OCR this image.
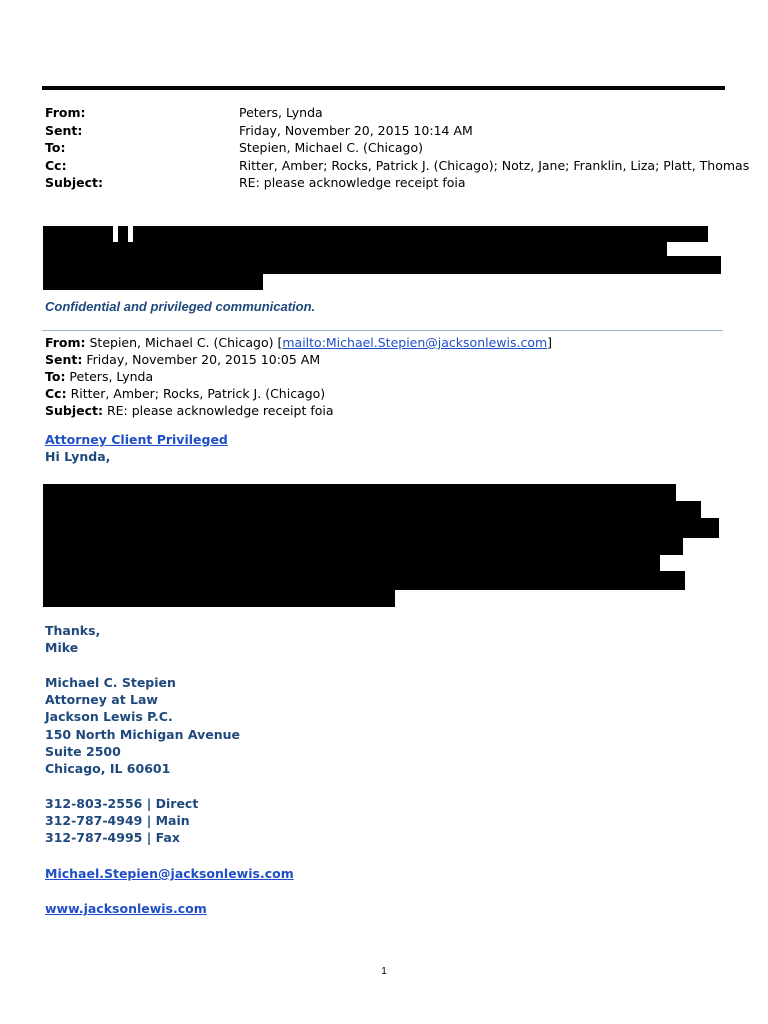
From:	Peters, Lynda
Sent:	Friday, November 20, 2015 10:14 AM
To:	Stepien, Michael C. (Chicago)
Cc:	Ritter, Amber; Rocks, Patrick J. (Chicago); Notz, Jane; Franklin, Liza; Platt, Thomas
Subject:	RE: please acknowledge receipt foia
Confidential and privileged communication.
From: Stepien, Michael C. (Chicago) [mailto:Michael.Stepien@jacksonlewis.com]
Sent: Friday, November 20, 2015 10:05 AM
To: Peters, Lynda
Cc: Ritter, Amber; Rocks, Patrick J. (Chicago)
Subject: RE: please acknowledge receipt foia
Attorney Client Privileged
Hi Lynda,
Thanks,
Mike
Michael C. Stepien
Attorney at Law
Jackson Lewis P.C.
150 North Michigan Avenue
Suite 2500
Chicago, IL 60601
312-803-2556 | Direct
312-787-4949 | Main
312-787-4995 | Fax
Michael.Stepien@jacksonlewis.com
www.jacksonlewis.com
1
